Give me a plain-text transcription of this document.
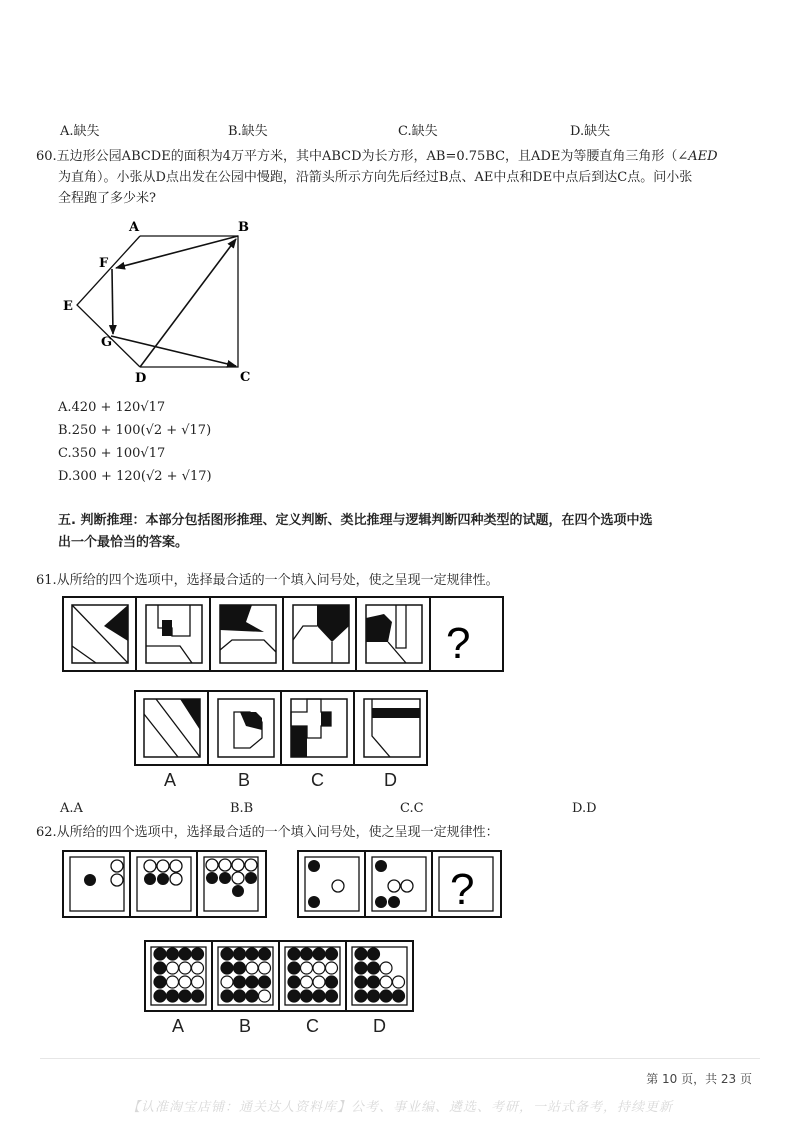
A.缺失	B.缺失	C.缺失	D.缺失
60.五边形公园ABCDE的面积为4万平方米，其中ABCD为长方形，AB=0.75BC，且ADE为等腰直角三角形（∠AED
为直角）。小张从D点出发在公园中慢跑，沿箭头所示方向先后经过B点、AE中点和DE中点后到达C点。问小张
全程跑了多少米?
A	B
C
D
E
F
G
A.420 + 120√17
B.250 + 100(√2 + √17)
C.350 + 100√17
D.300 + 120(√2 + √17)
五. 判断推理：本部分包括图形推理、定义判断、类比推理与逻辑判断四种类型的试题，在四个选项中选
出一个最恰当的答案。
61.从所给的四个选项中，选择最合适的一个填入问号处，使之呈现一定规律性。
?
A	B	C	D
A.A	B.B	C.C	D.D
62.从所给的四个选项中，选择最合适的一个填入问号处，使之呈现一定规律性：
?
A	B	C	D
第 10 页，共 23 页
【认准淘宝店铺：通关达人资料库】公考、事业编、遴选、考研，一站式备考，持续更新
